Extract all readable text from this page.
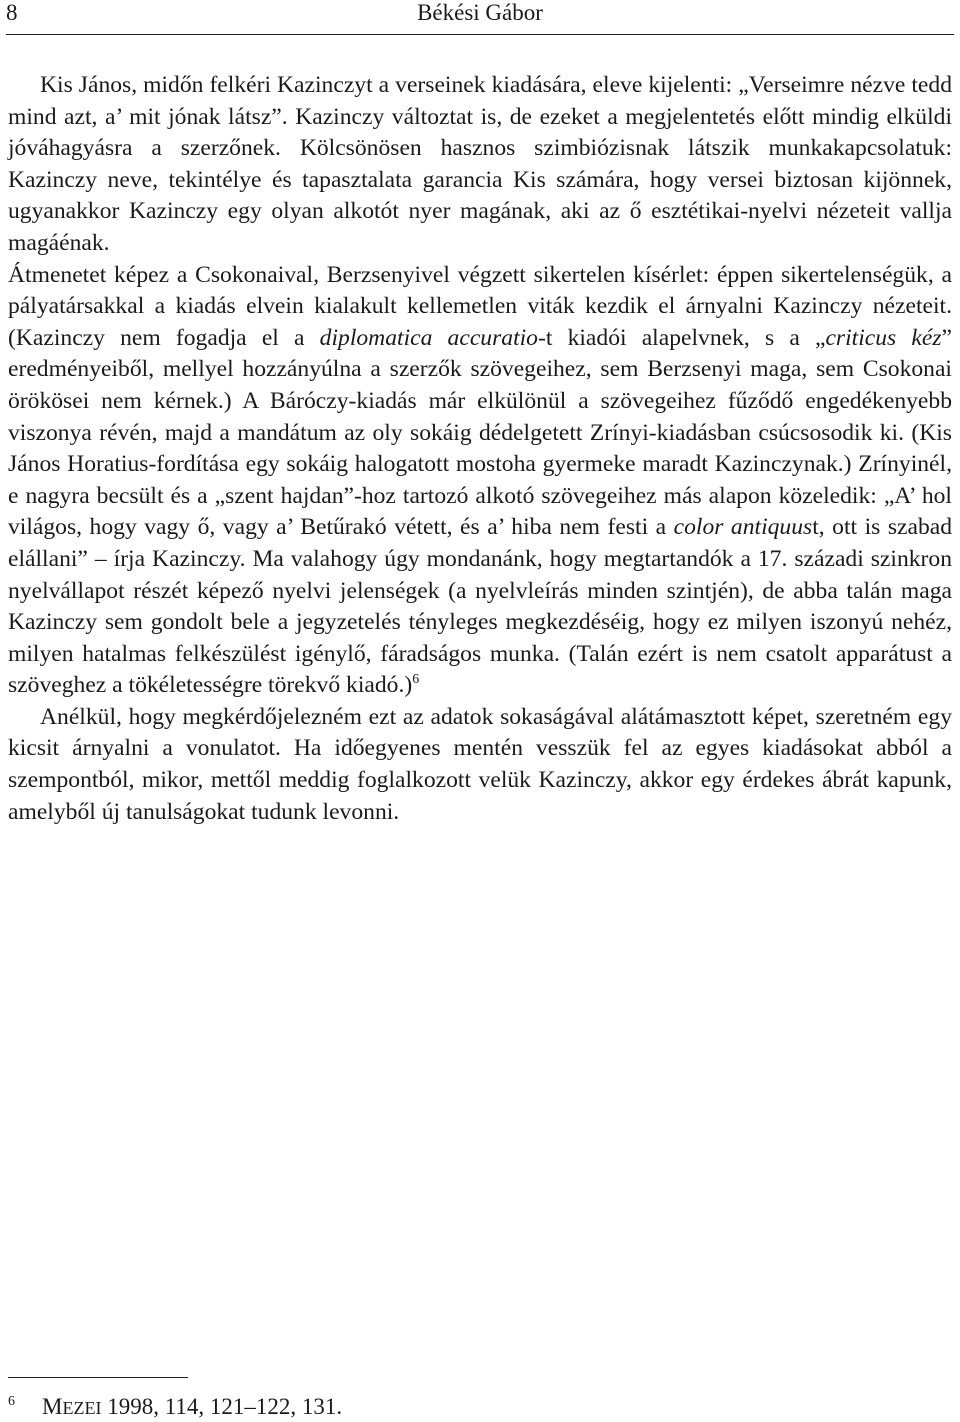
8	Békési Gábor

Kis János, midőn felkéri Kazinczyt a verseinek kiadására, eleve kijelenti: „Verseimre nézve tedd mind azt, a’ mit jónak látsz”. Kazinczy változtat is, de ezeket a megjelentetés előtt mindig elküldi jóváhagyásra a szerzőnek. Kölcsönösen hasznos szimbiózisnak látszik munkakapcsolatuk: Kazinczy neve, tekintélye és tapasztalata garancia Kis számára, hogy versei biztosan kijönnek, ugyanakkor Kazinczy egy olyan alkotót nyer magának, aki az ő esztétikai-nyelvi nézeteit vallja magáénak.
Átmenetet képez a Csokonaival, Berzsenyivel végzett sikertelen kísérlet: éppen sikertelenségük, a pályatársakkal a kiadás elvein kialakult kellemetlen viták kezdik el árnyalni Kazinczy nézeteit. (Kazinczy nem fogadja el a diplomatica accuratio-t kiadói alapelvnek, s a „criticus kéz” eredményeiből, mellyel hozzányúlna a szerzők szövegeihez, sem Berzsenyi maga, sem Csokonai örökösei nem kérnek.) A Báróczy-kiadás már elkülönül a szövegeihez fűződő engedékenyebb viszonya révén, majd a mandátum az oly sokáig dédelgetett Zrínyi-kiadásban csúcsosodik ki. (Kis János Horatius-fordítása egy sokáig halogatott mostoha gyermeke maradt Kazinczynak.) Zrínyinél, e nagyra becsült és a „szent hajdan”-hoz tartozó alkotó szövegeihez más alapon közeledik: „A’ hol világos, hogy vagy ő, vagy a’ Betűrakó vétett, és a’ hiba nem festi a color antiquust, ott is szabad elállani” – írja Kazinczy. Ma valahogy úgy mondanánk, hogy megtartandók a 17. századi szinkron nyelvállapot részét képező nyelvi jelenségek (a nyelvleírás minden szintjén), de abba talán maga Kazinczy sem gondolt bele a jegyzetelés tényleges megkezdéséig, hogy ez milyen iszonyú nehéz, milyen hatalmas felkészülést igénylő, fáradságos munka. (Talán ezért is nem csatolt apparátust a szöveghez a tökéletességre törekvő kiadó.)$^6$

Anélkül, hogy megkérdőjelezném ezt az adatok sokaságával alátámasztott képet, szeretném egy kicsit árnyalni a vonulatot. Ha időegyenes mentén vesszük fel az egyes kiadásokat abból a szempontból, mikor, mettől meddig foglalkozott velük Kazinczy, akkor egy érdekes ábrát kapunk, amelyből új tanulságokat tudunk levonni.

6 MEZEI 1998, 114, 121–122, 131.
